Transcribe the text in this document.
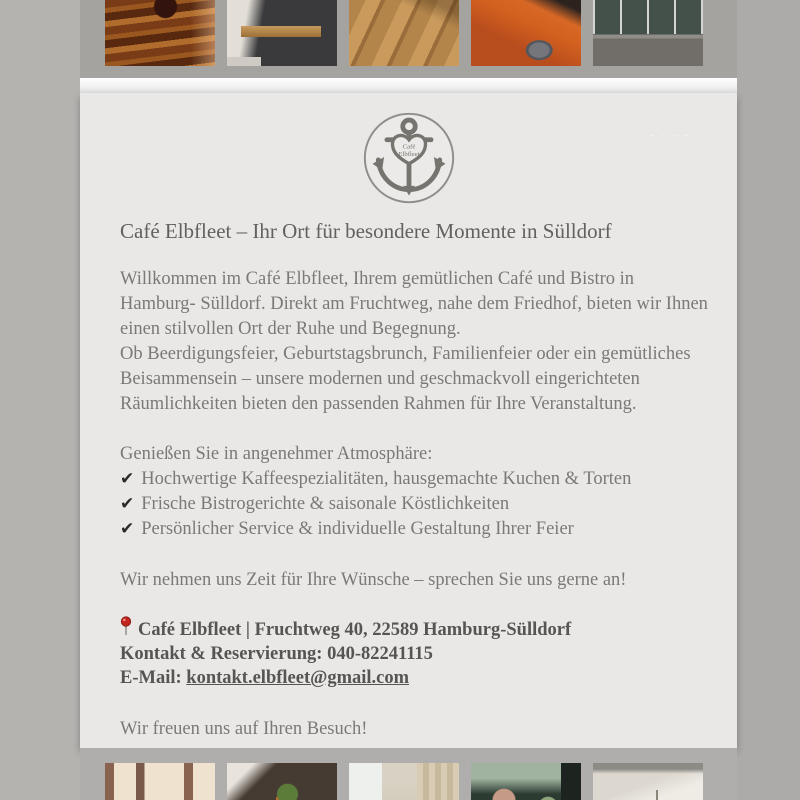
– – – –
Café
Elbfleet
Café Elbfleet – Ihr Ort für besondere Momente in Sülldorf
Willkommen im Café Elbfleet, Ihrem gemütlichen Café und Bistro in
Hamburg- Sülldorf. Direkt am Fruchtweg, nahe dem Friedhof, bieten wir Ihnen
einen stilvollen Ort der Ruhe und Begegnung.
Ob Beerdigungsfeier, Geburtstagsbrunch, Familienfeier oder ein gemütliches
Beisammensein – unsere modernen und geschmackvoll eingerichteten
Räumlichkeiten bieten den passenden Rahmen für Ihre Veranstaltung.
Genießen Sie in angenehmer Atmosphäre:
✔ Hochwertige Kaffeespezialitäten, hausgemachte Kuchen & Torten
✔ Frische Bistrogerichte & saisonale Köstlichkeiten
✔ Persönlicher Service & individuelle Gestaltung Ihrer Feier
Wir nehmen uns Zeit für Ihre Wünsche – sprechen Sie uns gerne an!
Café Elbfleet | Fruchtweg 40, 22589 Hamburg-Sülldorf
Kontakt & Reservierung: 040-82241115
E-Mail: kontakt.elbfleet@gmail.com
Wir freuen uns auf Ihren Besuch!
